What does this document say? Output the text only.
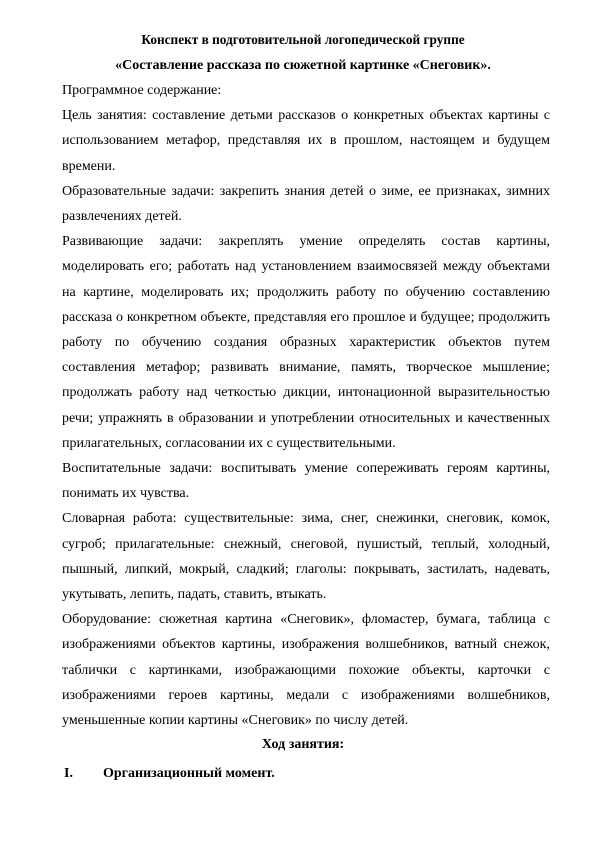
Конспект в подготовительной логопедической группе
«Составление рассказа по сюжетной картинке «Снеговик».

Программное содержание:

Цель занятия: составление детьми рассказов о конкретных объектах картины с использованием метафор, представляя их в прошлом, настоящем и будущем времени.

Образовательные задачи: закрепить знания детей о зиме, ее признаках, зимних развлечениях детей.

Развивающие задачи: закреплять умение определять состав картины, моделировать его; работать над установлением взаимосвязей между объектами на картине, моделировать их; продолжить работу по обучению составлению рассказа о конкретном объекте, представляя его прошлое и будущее; продолжить работу по обучению создания образных характеристик объектов путем составления метафор; развивать внимание, память, творческое мышление; продолжать работу над четкостью дикции, интонационной выразительностью речи; упражнять в образовании и употреблении относительных и качественных прилагательных, согласовании их с существительными.

Воспитательные задачи: воспитывать умение сопереживать героям картины, понимать их чувства.

Словарная работа: существительные: зима, снег, снежинки, снеговик, комок, сугроб; прилагательные: снежный, снеговой, пушистый, теплый, холодный, пышный, липкий, мокрый, сладкий; глаголы: покрывать, застилать, надевать, укутывать, лепить, падать, ставить, втыкать.

Оборудование: сюжетная картина «Снеговик», фломастер, бумага, таблица с изображениями объектов картины, изображения волшебников, ватный снежок, таблички с картинками, изображающими похожие объекты, карточки с изображениями героев картины, медали с изображениями волшебников, уменьшенные копии картины «Снеговик» по числу детей.

Ход занятия:
I. Организационный момент.
